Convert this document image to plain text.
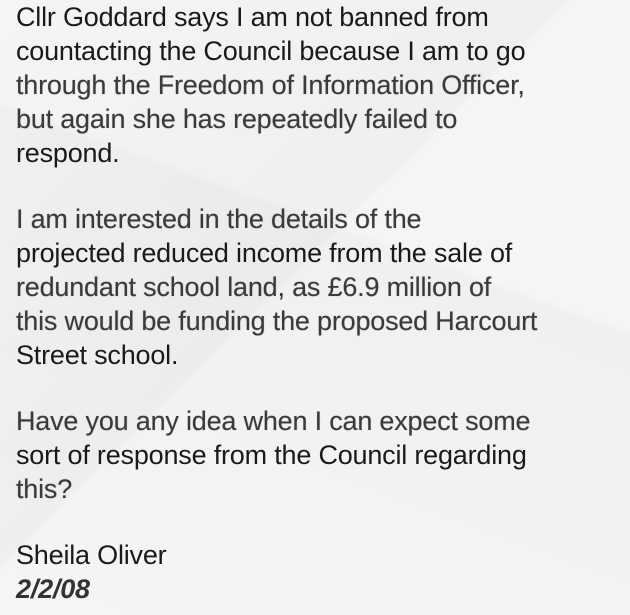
Cllr Goddard says I am not banned from
countacting the Council because I am to go
through the Freedom of Information Officer,
but again she has repeatedly failed to
respond.
I am interested in the details of the
projected reduced income from the sale of
redundant school land, as £6.9 million of
this would be funding the proposed Harcourt
Street school.
Have you any idea when I can expect some
sort of response from the Council regarding
this?
Sheila Oliver
2/2/08
